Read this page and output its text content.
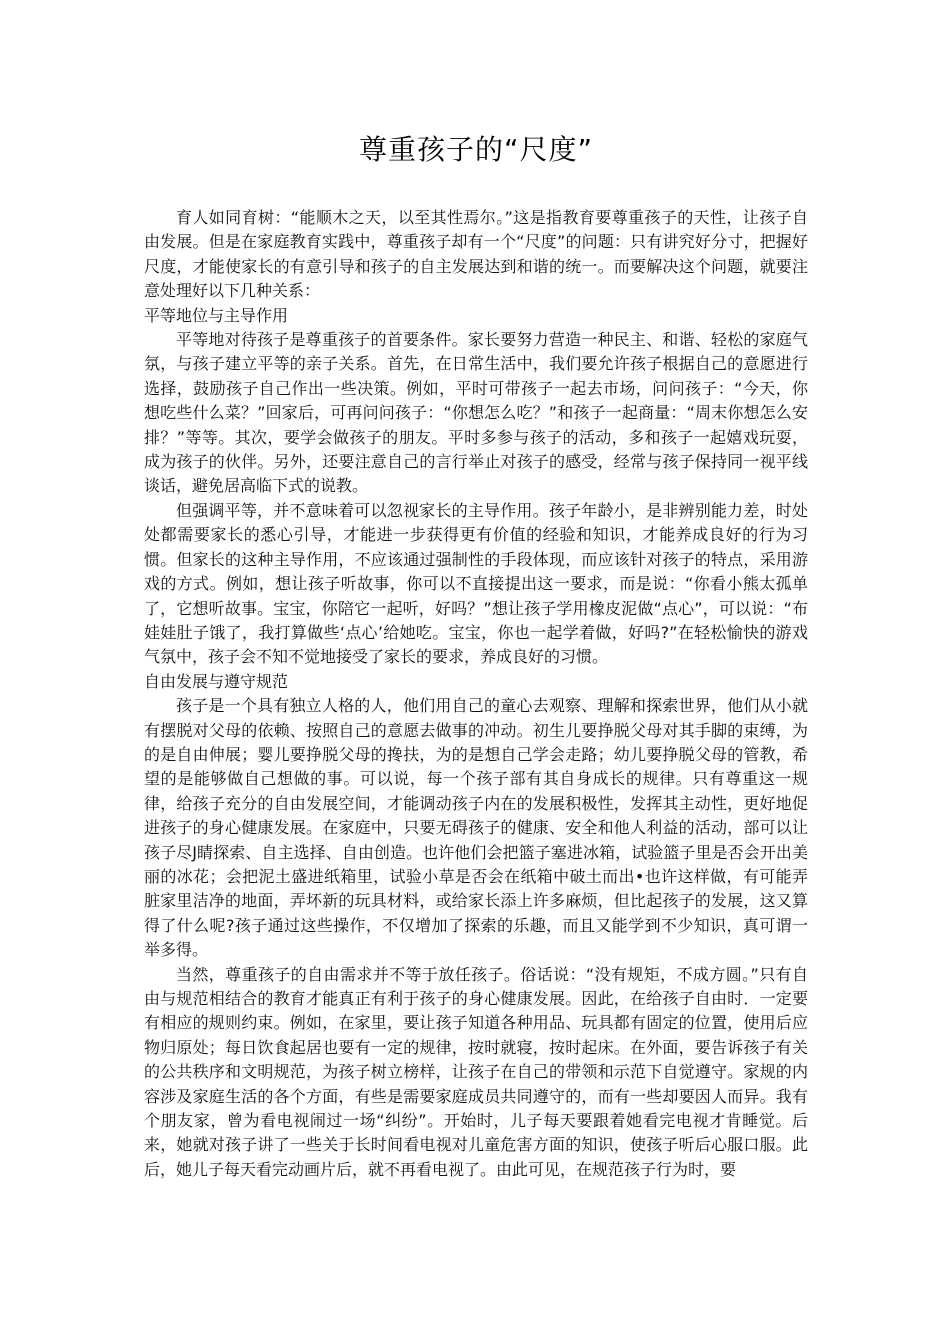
尊重孩子的“尺度”

育人如同育树：“能顺木之天，以至其性焉尔。”这是指教育要尊重孩子的天性，让孩子自由发展。但是在家庭教育实践中，尊重孩子却有一个“尺度”的问题：只有讲究好分寸，把握好尺度，才能使家长的有意引导和孩子的自主发展达到和谐的统一。而要解决这个问题，就要注意处理好以下几种关系：

平等地位与主导作用

平等地对待孩子是尊重孩子的首要条件。家长要努力营造一种民主、和谐、轻松的家庭气氛，与孩子建立平等的亲子关系。首先，在日常生活中，我们要允许孩子根据自己的意愿进行选择，鼓励孩子自己作出一些决策。例如，平时可带孩子一起去市场，问问孩子：“今天，你想吃些什么菜？”回家后，可再问问孩子：“你想怎么吃？”和孩子一起商量：“周末你想怎么安排？”等等。其次，要学会做孩子的朋友。平时多参与孩子的活动，多和孩子一起嬉戏玩耍，成为孩子的伙伴。另外，还要注意自己的言行举止对孩子的感受，经常与孩子保持同一视平线谈话，避免居高临下式的说教。

但强调平等，并不意味着可以忽视家长的主导作用。孩子年龄小，是非辨别能力差，时处处都需要家长的悉心引导，才能进一步获得更有价值的经验和知识，才能养成良好的行为习惯。但家长的这种主导作用，不应该通过强制性的手段体现，而应该针对孩子的特点，采用游戏的方式。例如，想让孩子听故事，你可以不直接提出这一要求，而是说：“你看小熊太孤单了，它想听故事。宝宝，你陪它一起听，好吗？”想让孩子学用橡皮泥做“点心”，可以说：“布娃娃肚子饿了，我打算做些‘点心’给她吃。宝宝，你也一起学着做，好吗?”在轻松愉快的游戏气氛中，孩子会不知不觉地接受了家长的要求，养成良好的习惯。

自由发展与遵守规范

孩子是一个具有独立人格的人，他们用自己的童心去观察、理解和探索世界，他们从小就有摆脱对父母的依赖、按照自己的意愿去做事的冲动。初生儿要挣脱父母对其手脚的束缚，为的是自由伸展；婴儿要挣脱父母的搀扶，为的是想自己学会走路；幼儿要挣脱父母的管教，希望的是能够做自己想做的事。可以说，每一个孩子部有其自身成长的规律。只有尊重这一规律，给孩子充分的自由发展空间，才能调动孩子内在的发展积极性，发挥其主动性，更好地促进孩子的身心健康发展。在家庭中，只要无碍孩子的健康、安全和他人利益的活动，部可以让孩子尽J睛探索、自主选择、自由创造。也许他们会把篮子塞进冰箱，试验篮子里是否会开出美丽的冰花；会把泥土盛进纸箱里，试验小草是否会在纸箱中破土而出•也许这样做，有可能弄脏家里洁净的地面，弄坏新的玩具材料，或给家长添上许多麻烦，但比起孩子的发展，这又算得了什么呢?孩子通过这些操作，不仅增加了探索的乐趣，而且又能学到不少知识，真可谓一举多得。

当然，尊重孩子的自由需求并不等于放任孩子。俗话说：“没有规矩，不成方圆。”只有自由与规范相结合的教育才能真正有利于孩子的身心健康发展。因此，在给孩子自由时．一定要有相应的规则约束。例如，在家里，要让孩子知道各种用品、玩具都有固定的位置，使用后应物归原处；每日饮食起居也要有一定的规律，按时就寝，按时起床。在外面，要告诉孩子有关的公共秩序和文明规范，为孩子树立榜样，让孩子在自己的带领和示范下自觉遵守。家规的内容涉及家庭生活的各个方面，有些是需要家庭成员共同遵守的，而有一些却要因人而异。我有个朋友家，曾为看电视闹过一场“纠纷”。开始时，儿子每天要跟着她看完电视才肯睡觉。后来，她就对孩子讲了一些关于长时间看电视对儿童危害方面的知识，使孩子听后心服口服。此后，她儿子每天看完动画片后，就不再看电视了。由此可见，在规范孩子行为时，要
